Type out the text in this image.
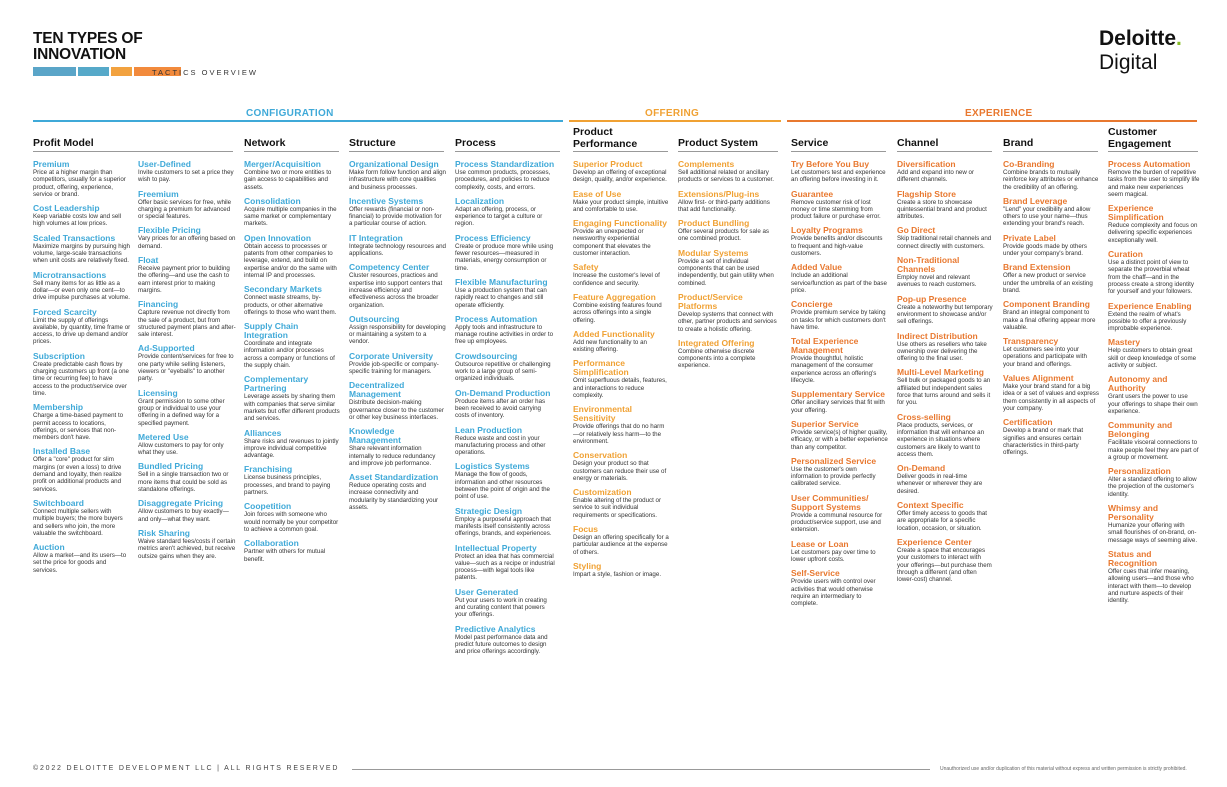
TEN TYPES OF INNOVATION
TACTICS OVERVIEW
Deloitte.
Digital
CONFIGURATION	OFFERING	EXPERIENCE
Profit Model	Network	Structure	Process
Product Performance	Product System	Service	Channel	Brand
Customer Engagement
Premium
Price at a higher margin than competitors, usually for a superior product, offering, experience, service or brand.
Cost Leadership
Keep variable costs low and sell high volumes at low prices.
Scaled Transactions
Maximize margins by pursuing high volume, large-scale transactions when unit costs are relatively fixed.
Microtransactions
Sell many items for as little as a dollar—or even only one cent—to drive impulse purchases at volume.
Forced Scarcity
Limit the supply of offerings available, by quantity, time frame or access, to drive up demand and/or prices.
Subscription
Create predictable cash flows by charging customers up front (a one time or recurring fee) to have access to the product/service over time.
Membership
Charge a time-based payment to permit access to locations, offerings, or services that non-members don't have.
Installed Base
Offer a "core" product for slim margins (or even a loss) to drive demand and loyalty, then realize profit on additional products and services.
Switchboard
Connect multiple sellers with multiple buyers; the more buyers and sellers who join, the more valuable the switchboard.
Auction
Allow a market—and its users—to set the price for goods and services.
User-Defined
Invite customers to set a price they wish to pay.
Freemium
Offer basic services for free, while charging a premium for advanced or special features.
Flexible Pricing
Vary prices for an offering based on demand.
Float
Receive payment prior to building the offering—and use the cash to earn interest prior to making margins.
Financing
Capture revenue not directly from the sale of a product, but from structured payment plans and after-sale interest.
Ad-Supported
Provide content/services for free to one party while selling listeners, viewers or "eyeballs" to another party.
Licensing
Grant permission to some other group or individual to use your offering in a defined way for a specified payment.
Metered Use
Allow customers to pay for only what they use.
Bundled Pricing
Sell in a single transaction two or more items that could be sold as standalone offerings.
Disaggregate Pricing
Allow customers to buy exactly—and only—what they want.
Risk Sharing
Waive standard fees/costs if certain metrics aren't achieved, but receive outsize gains when they are.
Merger/Acquisition
Combine two or more entities to gain access to capabilities and assets.
Consolidation
Acquire multiple companies in the same market or complementary markets.
Open Innovation
Obtain access to processes or patents from other companies to leverage, extend, and build on expertise and/or do the same with internal IP and processes.
Secondary Markets
Connect waste streams, by-products, or other alternative offerings to those who want them.
Supply Chain Integration
Coordinate and integrate information and/or processes across a company or functions of the supply chain.
Complementary Partnering
Leverage assets by sharing them with companies that serve similar markets but offer different products and services.
Alliances
Share risks and revenues to jointly improve individual competitive advantage.
Franchising
License business principles, processes, and brand to paying partners.
Coopetition
Join forces with someone who would normally be your competitor to achieve a common goal.
Collaboration
Partner with others for mutual benefit.
Organizational Design
Make form follow function and align infrastructure with core qualities and business processes.
Incentive Systems
Offer rewards (financial or non-financial) to provide motivation for a particular course of action.
IT Integration
Integrate technology resources and applications.
Competency Center
Cluster resources, practices and expertise into support centers that increase efficiency and effectiveness across the broader organization.
Outsourcing
Assign responsibility for developing or maintaining a system to a vendor.
Corporate University
Provide job-specific or company-specific training for managers.
Decentralized Management
Distribute decision-making governance closer to the customer or other key business interfaces.
Knowledge Management
Share relevant information internally to reduce redundancy and improve job performance.
Asset Standardization
Reduce operating costs and increase connectivity and modularity by standardizing your assets.
Process Standardization
Use common products, processes, procedures, and policies to reduce complexity, costs, and errors.
Localization
Adapt an offering, process, or experience to target a culture or region.
Process Efficiency
Create or produce more while using fewer resources—measured in materials, energy consumption or time.
Flexible Manufacturing
Use a production system that can rapidly react to changes and still operate efficiently.
Process Automation
Apply tools and infrastructure to manage routine activities in order to free up employees.
Crowdsourcing
Outsource repetitive or challenging work to a large group of semi-organized individuals.
On-Demand Production
Produce items after an order has been received to avoid carrying costs of inventory.
Lean Production
Reduce waste and cost in your manufacturing process and other operations.
Logistics Systems
Manage the flow of goods, information and other resources between the point of origin and the point of use.
Strategic Design
Employ a purposeful approach that manifests itself consistently across offerings, brands, and experiences.
Intellectual Property
Protect an idea that has commercial value—such as a recipe or industrial process—with legal tools like patents.
User Generated
Put your users to work in creating and curating content that powers your offerings.
Predictive Analytics
Model past performance data and predict future outcomes to design and price offerings accordingly.
Superior Product
Develop an offering of exceptional design, quality, and/or experience.
Ease of Use
Make your product simple, intuitive and comfortable to use.
Engaging Functionality
Provide an unexpected or newsworthy experiential component that elevates the customer interaction.
Safety
Increase the customer's level of confidence and security.
Feature Aggregation
Combine existing features found across offerings into a single offering.
Added Functionality
Add new functionality to an existing offering.
Performance Simplification
Omit superfluous details, features, and interactions to reduce complexity.
Environmental Sensitivity
Provide offerings that do no harm—or relatively less harm—to the environment.
Conservation
Design your product so that customers can reduce their use of energy or materials.
Customization
Enable altering of the product or service to suit individual requirements or specifications.
Focus
Design an offering specifically for a particular audience at the expense of others.
Styling
Impart a style, fashion or image.
Complements
Sell additional related or ancillary products or services to a customer.
Extensions/Plug-ins
Allow first- or third-party additions that add functionality.
Product Bundling
Offer several products for sale as one combined product.
Modular Systems
Provide a set of individual components that can be used independently, but gain utility when combined.
Product/Service Platforms
Develop systems that connect with other, partner products and services to create a holistic offering.
Integrated Offering
Combine otherwise discrete components into a complete experience.
Try Before You Buy
Let customers test and experience an offering before investing in it.
Guarantee
Remove customer risk of lost money or time stemming from product failure or purchase error.
Loyalty Programs
Provide benefits and/or discounts to frequent and high-value customers.
Added Value
Include an additional service/function as part of the base price.
Concierge
Provide premium service by taking on tasks for which customers don't have time.
Total Experience Management
Provide thoughtful, holistic management of the consumer experience across an offering's lifecycle.
Supplementary Service
Offer ancillary services that fit with your offering.
Superior Service
Provide service(s) of higher quality, efficacy, or with a better experience than any competitor.
Personalized Service
Use the customer's own information to provide perfectly calibrated service.
User Communities/ Support Systems
Provide a communal resource for product/service support, use and extension.
Lease or Loan
Let customers pay over time to lower upfront costs.
Self-Service
Provide users with control over activities that would otherwise require an intermediary to complete.
Diversification
Add and expand into new or different channels.
Flagship Store
Create a store to showcase quintessential brand and product attributes.
Go Direct
Skip traditional retail channels and connect directly with customers.
Non-Traditional Channels
Employ novel and relevant avenues to reach customers.
Pop-up Presence
Create a noteworthy but temporary environment to showcase and/or sell offerings.
Indirect Distribution
Use others as resellers who take ownership over delivering the offering to the final user.
Multi-Level Marketing
Sell bulk or packaged goods to an affiliated but independent sales force that turns around and sells it for you.
Cross-selling
Place products, services, or information that will enhance an experience in situations where customers are likely to want to access them.
On-Demand
Deliver goods in real-time whenever or wherever they are desired.
Context Specific
Offer timely access to goods that are appropriate for a specific location, occasion, or situation.
Experience Center
Create a space that encourages your customers to interact with your offerings—but purchase them through a different (and often lower-cost) channel.
Co-Branding
Combine brands to mutually reinforce key attributes or enhance the credibility of an offering.
Brand Leverage
"Lend" your credibility and allow others to use your name—thus extending your brand's reach.
Private Label
Provide goods made by others under your company's brand.
Brand Extension
Offer a new product or service under the umbrella of an existing brand.
Component Branding
Brand an integral component to make a final offering appear more valuable.
Transparency
Let customers see into your operations and participate with your brand and offerings.
Values Alignment
Make your brand stand for a big idea or a set of values and express them consistently in all aspects of your company.
Certification
Develop a brand or mark that signifies and ensures certain characteristics in third-party offerings.
Process Automation
Remove the burden of repetitive tasks from the user to simplify life and make new experiences seem magical.
Experience Simplification
Reduce complexity and focus on delivering specific experiences exceptionally well.
Curation
Use a distinct point of view to separate the proverbial wheat from the chaff—and in the process create a strong identity for yourself and your followers.
Experience Enabling
Extend the realm of what's possible to offer a previously improbable experience.
Mastery
Help customers to obtain great skill or deep knowledge of some activity or subject.
Autonomy and Authority
Grant users the power to use your offerings to shape their own experience.
Community and Belonging
Facilitate visceral connections to make people feel they are part of a group or movement.
Personalization
Alter a standard offering to allow the projection of the customer's identity.
Whimsy and Personality
Humanize your offering with small flourishes of on-brand, on-message ways of seeming alive.
Status and Recognition
Offer cues that infer meaning, allowing users—and those who interact with them—to develop and nurture aspects of their identity.
©2022 DELOITTE DEVELOPMENT LLC | ALL RIGHTS RESERVED	Unauthorized use and/or duplication of this material without express and written permission is strictly prohibited.
